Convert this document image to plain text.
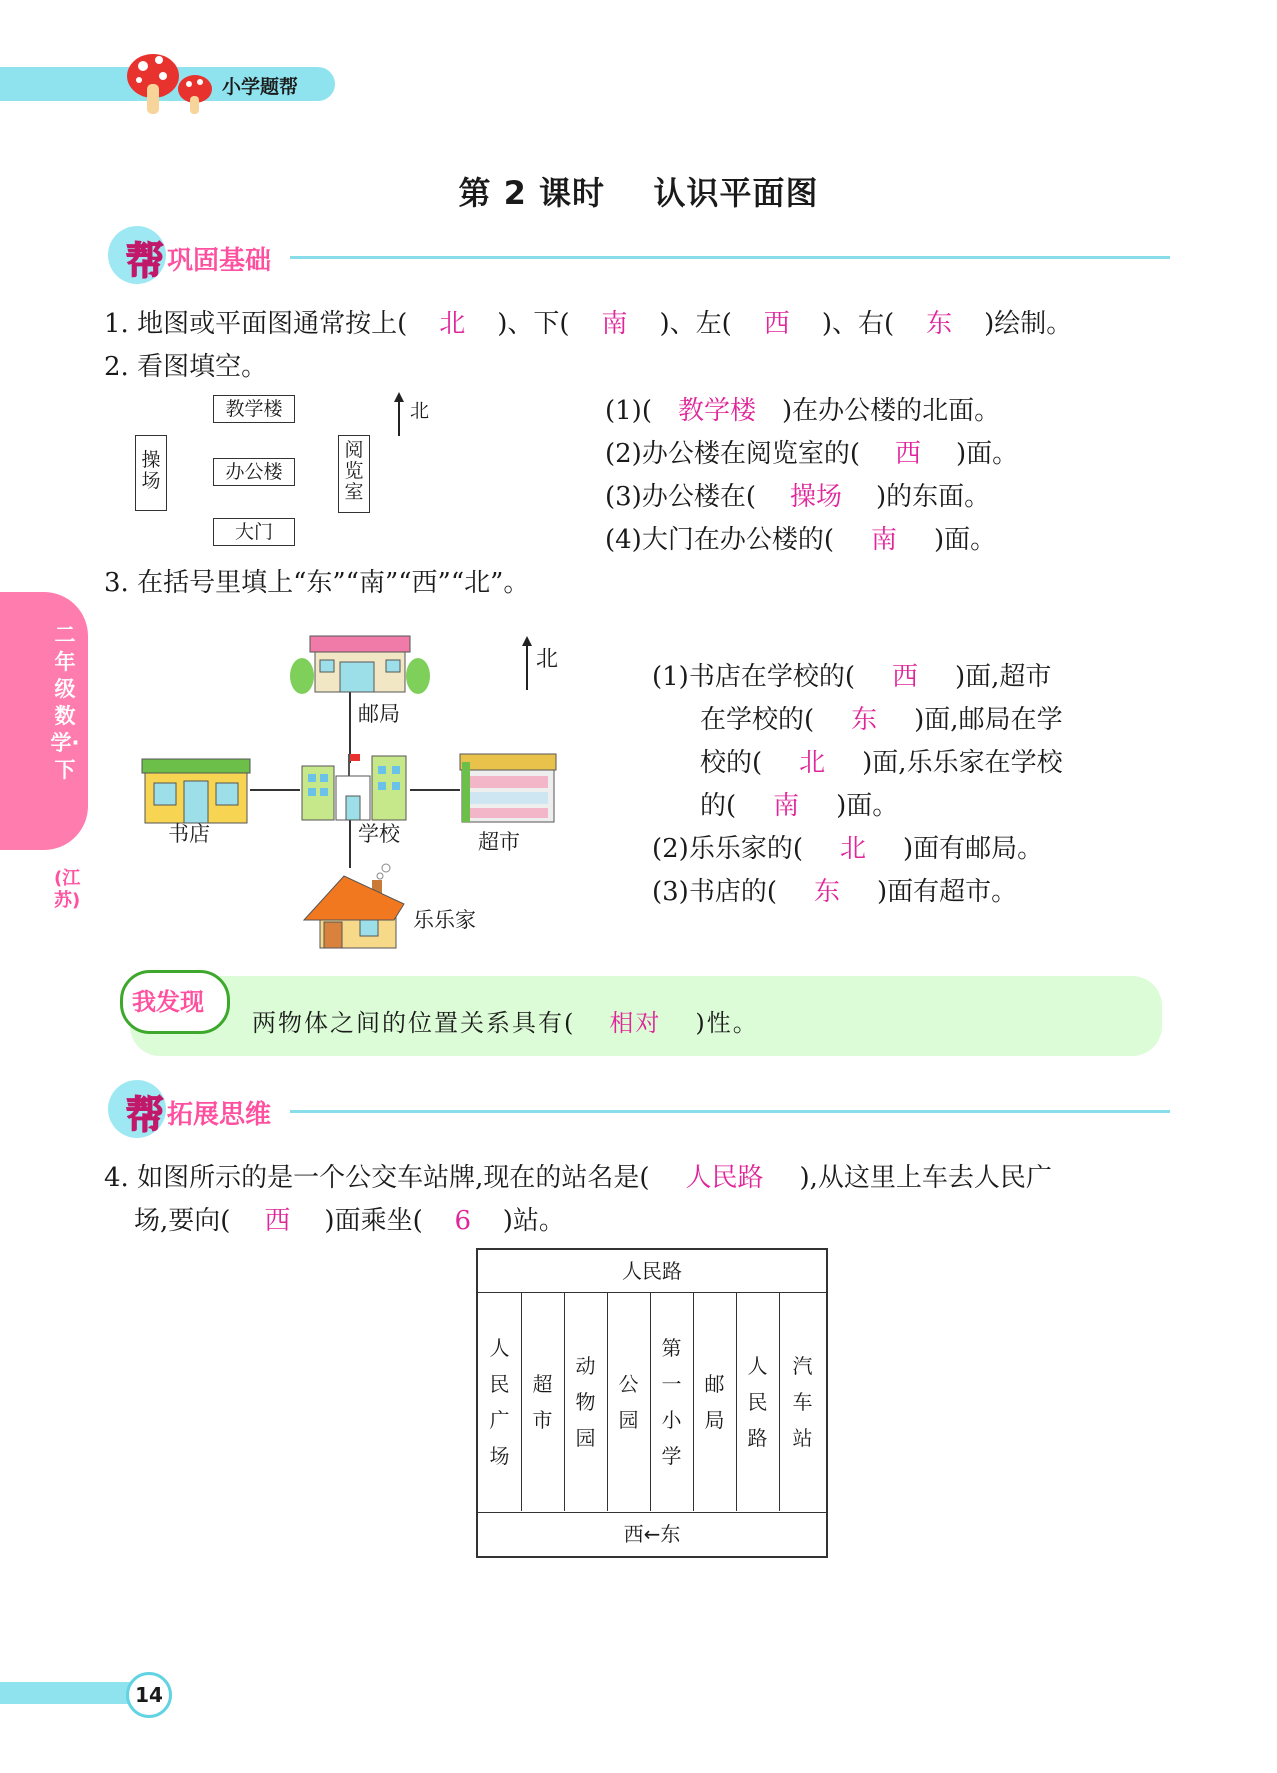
小学题帮
第 2 课时    认识平面图
帮 巩固基础
1. 地图或平面图通常按上( 北 )、下( 南 )、左( 西 )、右( 东 )绘制。
2. 看图填空。
教学楼
办公楼
大门
操场
阅览室
北	(1)( 教学楼 )在办公楼的北面。
(2)办公楼在阅览室的( 西 )面。
(3)办公楼在( 操场 )的东面。
(4)大门在办公楼的( 南 )面。
3. 在括号里填上“东”“南”“西”“北”。
邮局
书店	学校	超市
乐乐家
北
(1)书店在学校的( 西 )面,超市
在学校的( 东 )面,邮局在学
校的( 北 )面,乐乐家在学校
的( 南 )面。
(2)乐乐家的( 北 )面有邮局。
(3)书店的( 东 )面有超市。
二年级数学·下
(江苏)
我发现
两物体之间的位置关系具有( 相对 )性。
帮 拓展思维
4. 如图所示的是一个公交车站牌,现在的站名是( 人民路 ),从这里上车去人民广
场,要向( 西 )面乘坐( 6 )站。
人民路
人民广场
超市
动物园
公园
第一小学
邮局
人民路
汽车站
西←东
14
